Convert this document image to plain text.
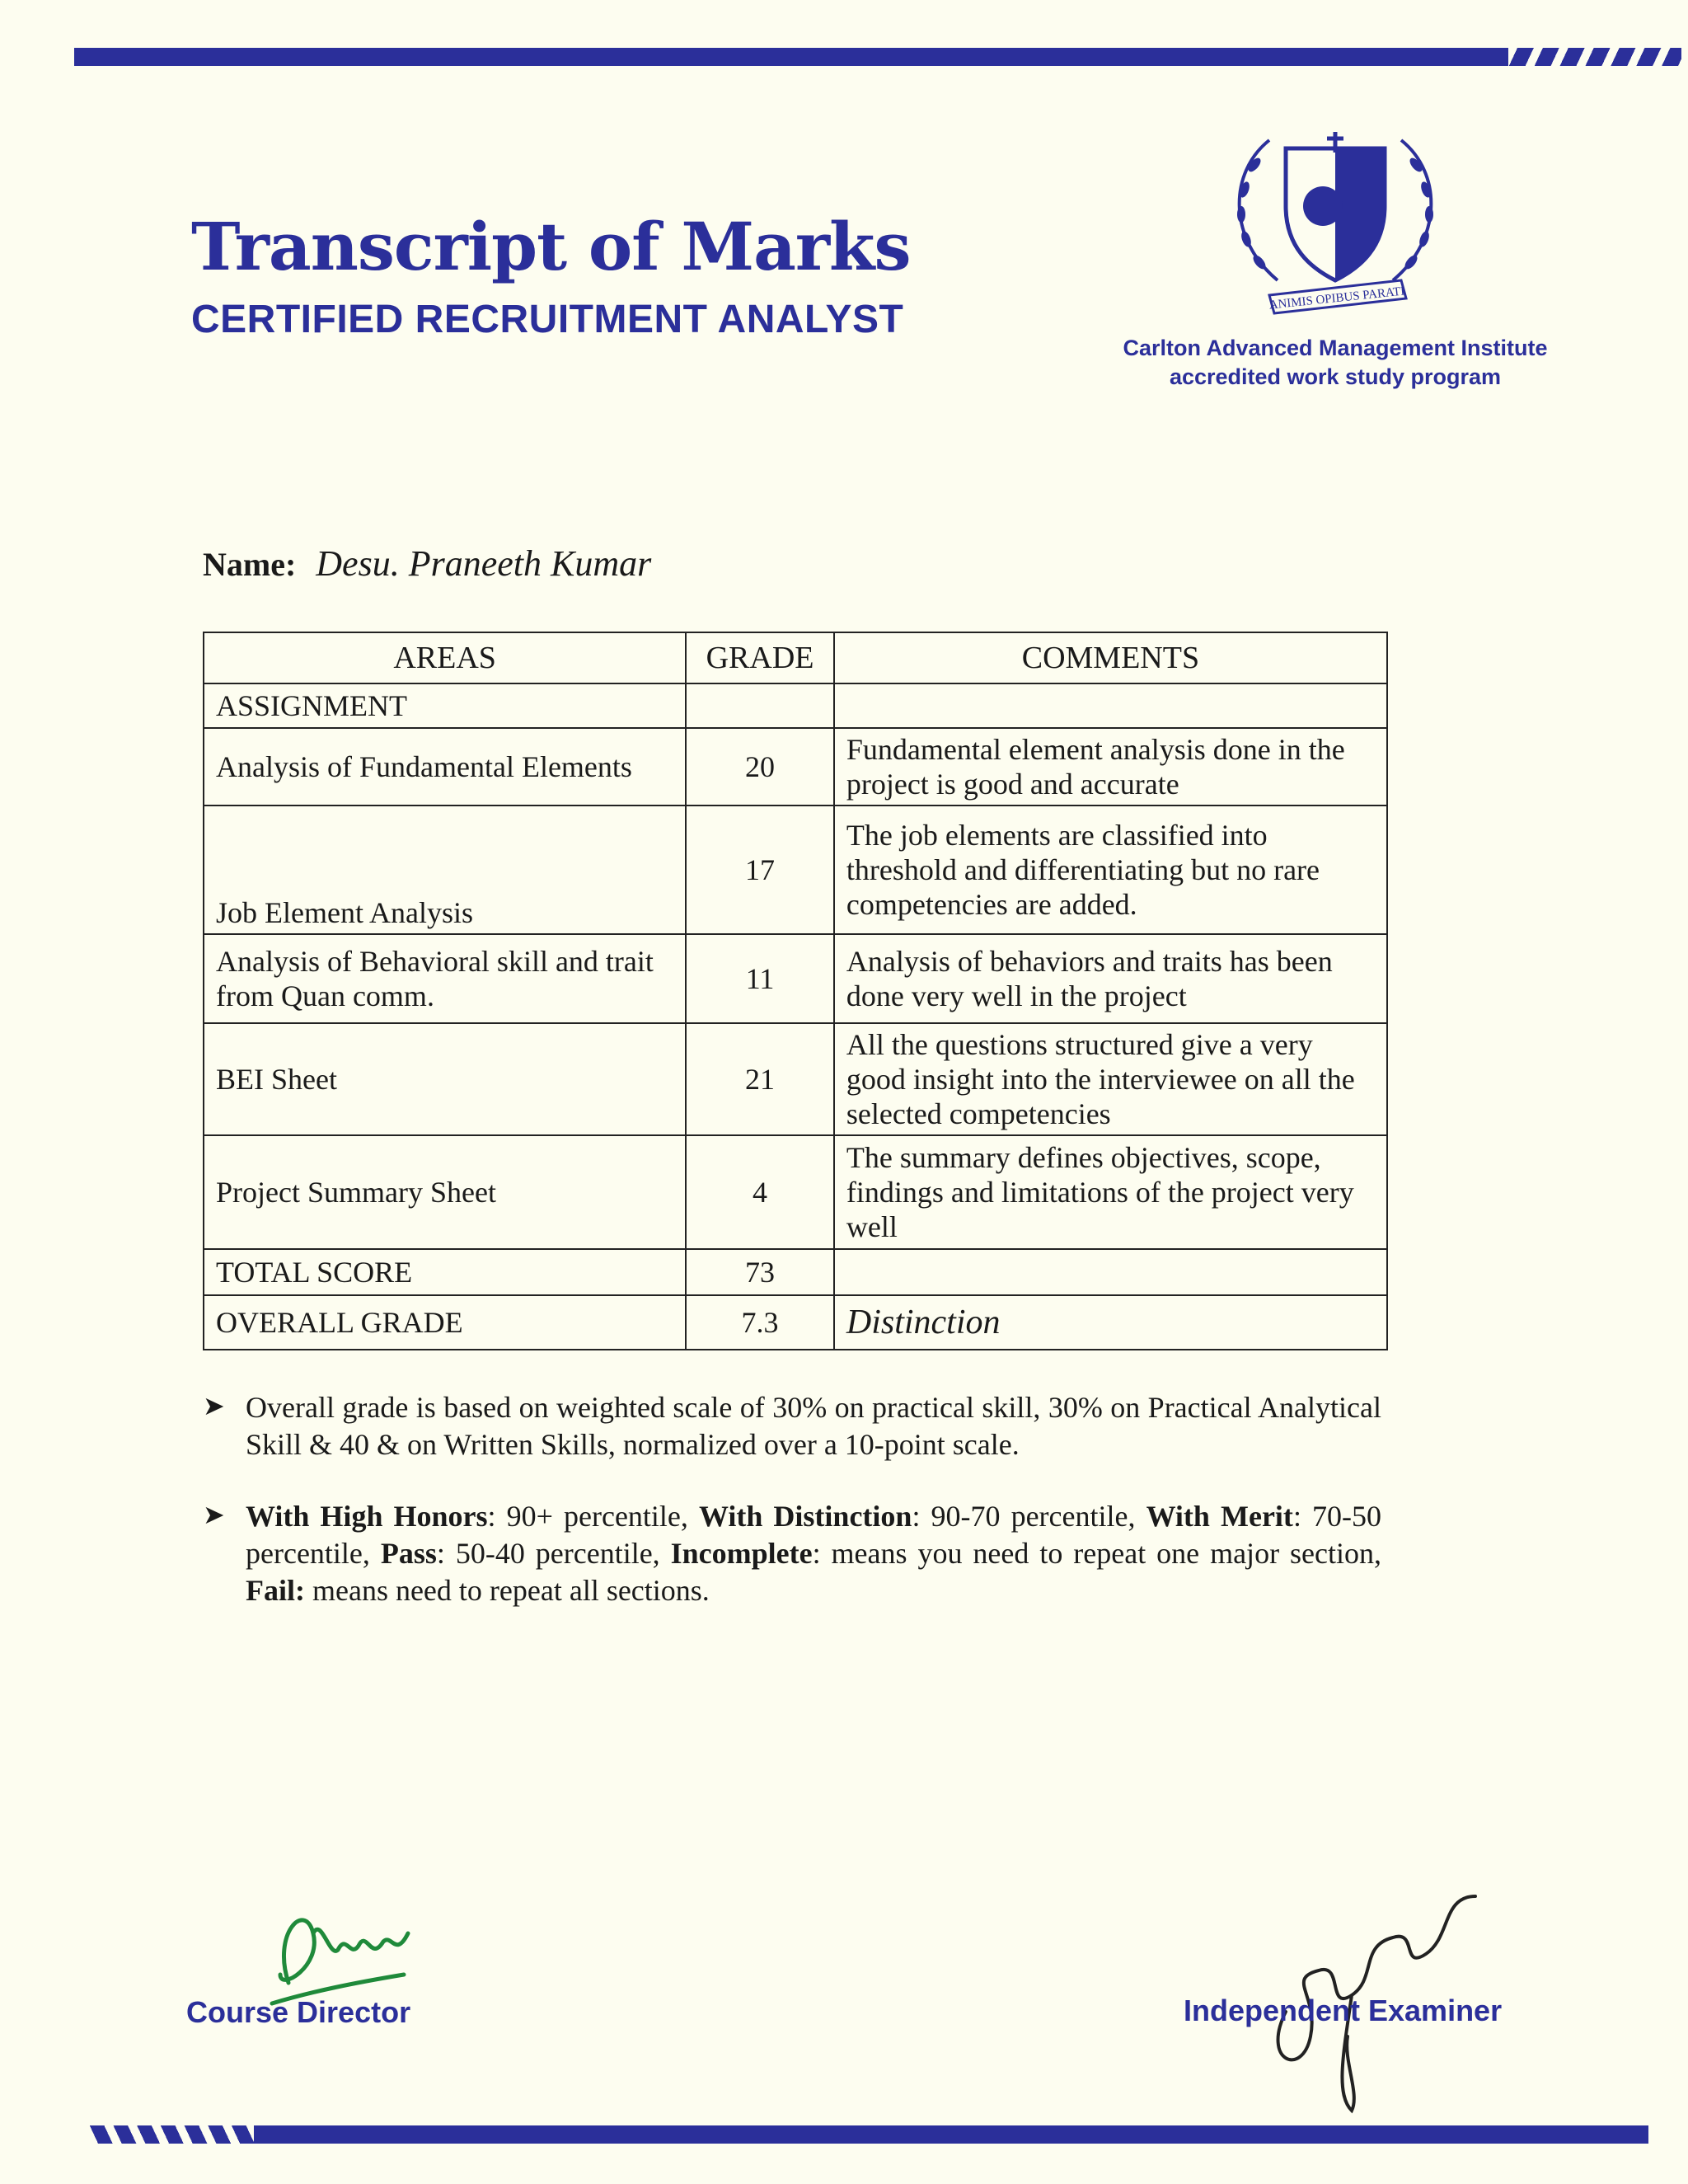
Transcript of Marks
CERTIFIED RECRUITMENT ANALYST	ANIMIS OPIBUS PARATI
Carlton Advanced Management Institute
accredited work study program
Name: Desu. Praneeth Kumar
AREAS	GRADE	COMMENTS
ASSIGNMENT		
Analysis of Fundamental Elements	20	Fundamental element analysis done in the project is good and accurate
Job Element Analysis	17	The job elements are classified into threshold and differentiating but no rare competencies are added.
Analysis of Behavioral skill and trait from Quan comm.	11	Analysis of behaviors and traits has been done very well in the project
BEI Sheet	21	All the questions structured give a very good insight into the interviewee on all the selected competencies
Project Summary Sheet	4	The summary defines objectives, scope, findings and limitations of the project very well
TOTAL SCORE	73	
OVERALL GRADE	7.3	Distinction
➤ Overall grade is based on weighted scale of 30% on practical skill, 30% on Practical Analytical Skill & 40 & on Written Skills, normalized over a 10-point scale.
➤ With High Honors: 90+ percentile, With Distinction: 90-70 percentile, With Merit: 70-50 percentile, Pass: 50-40 percentile, Incomplete: means you need to repeat one major section, Fail: means need to repeat all sections.
Course Director	Independent Examiner
